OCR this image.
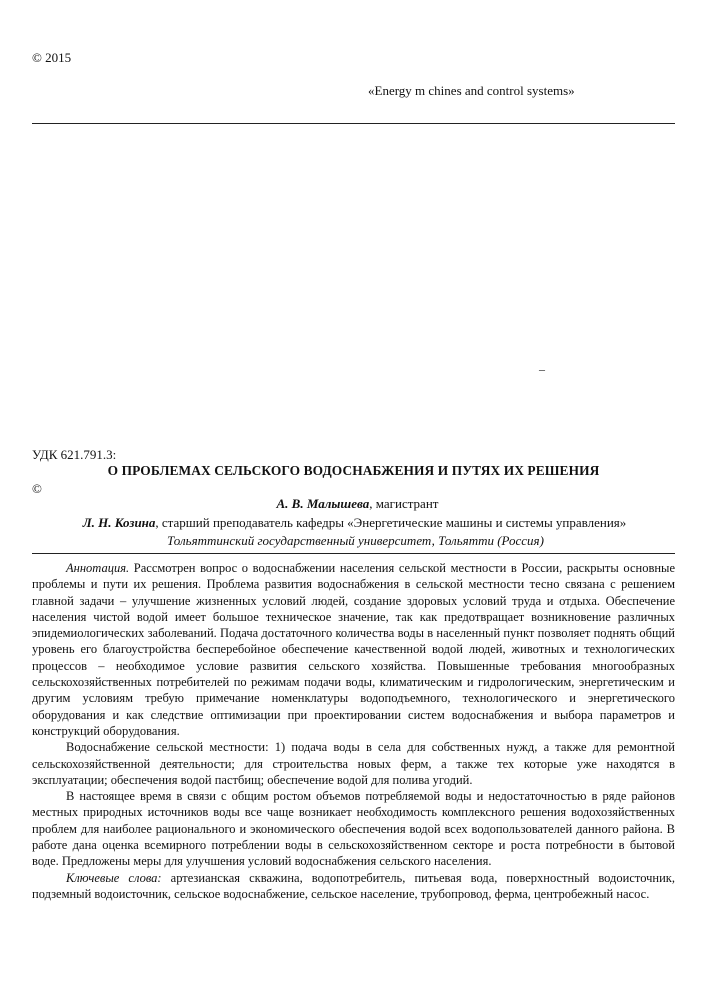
© 2015
«Energy m chines and control systems»
–
УДК 621.791.3:
О ПРОБЛЕМАХ СЕЛЬСКОГО ВОДОСНАБЖЕНИЯ И ПУТЯХ ИХ РЕШЕНИЯ
©
А. В. Малышева, магистрант
Л. Н. Козина, старший преподаватель кафедры «Энергетические машины и системы управления»
Тольяттинский государственный университет, Тольятти (Россия)

Аннотация. Рассмотрен вопрос о водоснабжении населения сельской местности в России, раскрыты основные проблемы и пути их решения. Проблема развития водоснабжения в сельской местности тесно связана с решением главной задачи – улучшение жизненных условий людей, создание здоровых условий труда и отдыха. Обеспечение населения чистой водой имеет большое техническое значение, так как предотвращает возникновение различных эпидемиологических заболеваний. Подача достаточного количества воды в населенный пункт позволяет поднять общий уровень его благоустройства бесперебойное обеспечение качественной водой людей, животных и технологических процессов – необходимое условие развития сельского хозяйства. Повышенные требования многообразных сельскохозяйственных потребителей по режимам подачи воды, климатическим и гидрологическим, энергетическим и другим условиям требую примечание номенклатуры водоподъемного, технологического и энергетического оборудования и как следствие оптимизации при проектировании систем водоснабжения и выбора параметров и конструкций оборудования.

Водоснабжение сельской местности: 1) подача воды в села для собственных нужд, а также для ремонтной сельскохозяйственной деятельности; для строительства новых ферм, а также тех которые уже находятся в эксплуатации; обеспечения водой пастбищ; обеспечение водой для полива угодий.

В настоящее время в связи с общим ростом объемов потребляемой воды и недостаточностью в ряде районов местных природных источников воды все чаще возникает необходимость комплексного решения водохозяйственных проблем для наиболее рационального и экономического обеспечения водой всех водопользователей данного района. В работе дана оценка всемирного потреблении воды в сельскохозяйственном секторе и роста потребности в бытовой воде. Предложены меры для улучшения условий водоснабжения сельского населения.

Ключевые слова: артезианская скважина, водопотребитель, питьевая вода, поверхностный водоисточник, подземный водоисточник, сельское водоснабжение, сельское население, трубопровод, ферма, центробежный насос.
